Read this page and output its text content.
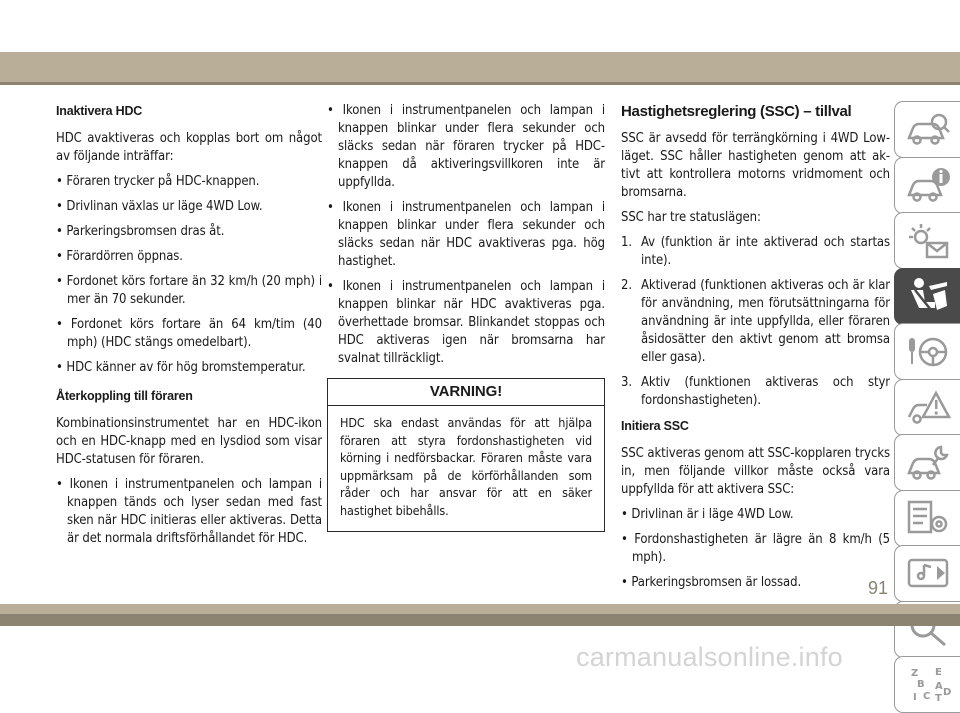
Inaktivera HDC
HDC avaktiveras och kopplas bort om något av följande inträffar:
• Föraren trycker på HDC-knappen.
• Drivlinan växlas ur läge 4WD Low.
• Parkeringsbromsen dras åt.
• Förardörren öppnas.
• Fordonet körs fortare än 32 km/h (20 mph) i mer än 70 sekunder.
• Fordonet körs fortare än 64 km/tim (40 mph) (HDC stängs omedelbart).
• HDC känner av för hög bromstemperatur.
Återkoppling till föraren
Kombinationsinstrumentet har en HDC-ikon och en HDC-knapp med en lysdiod som visar HDC-statusen för föraren.
• Ikonen i instrumentpanelen och lampan i knappen tänds och lyser sedan med fast sken när HDC initieras eller aktiveras. Detta är det normala driftsförhållandet för HDC.
• Ikonen i instrumentpanelen och lampan i knappen blinkar under flera sekunder och släcks sedan när föraren trycker på HDC-knappen då aktiveringsvillkoren inte är uppfyllda.
• Ikonen i instrumentpanelen och lampan i knappen blinkar under flera sekunder och släcks sedan när HDC avaktiveras pga. hög hastighet.
• Ikonen i instrumentpanelen och lampan i knappen blinkar när HDC avaktiveras pga. överhettade bromsar. Blinkandet stoppas och HDC aktiveras igen när bromsarna har svalnat tillräckligt.
VARNING!
HDC ska endast användas för att hjälpa föraren att styra fordonshastigheten vid körning i nedförsbackar. Föraren måste vara uppmärksam på de körförhållanden som råder och har ansvar för att en säker hastighet bibehålls.
Hastighetsreglering (SSC) – tillval
SSC är avsedd för terrängkörning i 4WD Low-läget. SSC håller hastigheten genom att ak-tivt att kontrollera motorns vridmoment och bromsarna.
SSC har tre statuslägen:
1. Av (funktion är inte aktiverad och startas inte).
2. Aktiverad (funktionen aktiveras och är klar för användning, men förutsättningarna för användning är inte uppfyllda, eller föraren åsidosätter den aktivt genom att bromsa eller gasa).
3. Aktiv (funktionen aktiveras och styr fordonshastigheten).
Initiera SSC
SSC aktiveras genom att SSC-kopplaren trycks in, men följande villkor måste också vara uppfyllda för att aktivera SSC:
• Drivlinan är i läge 4WD Low.
• Fordonshastigheten är lägre än 8 km/h (5 mph).
• Parkeringsbromsen är lossad.
Z E
B A
I C T
D
91
carmanualsonline.info
